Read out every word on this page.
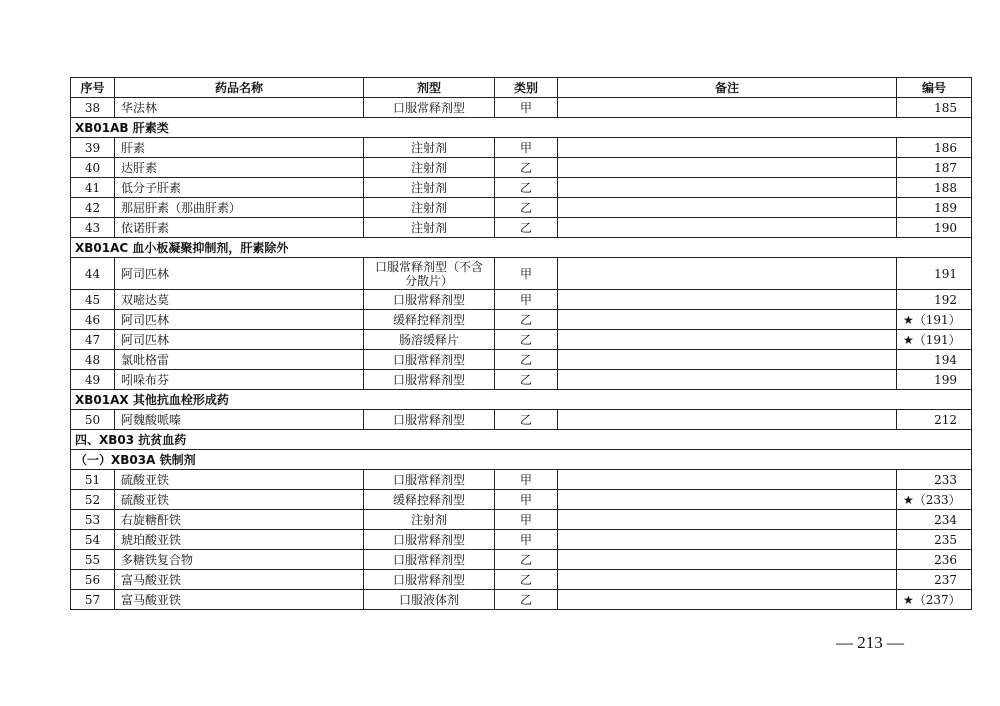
序号	药品名称	剂型	类别	备注	编号
38	华法林	口服常释剂型	甲		185
XB01AB 肝素类					
39	肝素	注射剂	甲		186
40	达肝素	注射剂	乙		187
41	低分子肝素	注射剂	乙		188
42	那屈肝素（那曲肝素）	注射剂	乙		189
43	依诺肝素	注射剂	乙		190
XB01AC 血小板凝聚抑制剂，肝素除外					
44	阿司匹林	口服常释剂型（不含分散片）	甲		191
45	双嘧达莫	口服常释剂型	甲		192
46	阿司匹林	缓释控释剂型	乙		★（191）
47	阿司匹林	肠溶缓释片	乙		★（191）
48	氯吡格雷	口服常释剂型	乙		194
49	吲哚布芬	口服常释剂型	乙		199
XB01AX 其他抗血栓形成药					
50	阿魏酸哌嗪	口服常释剂型	乙		212
四、XB03 抗贫血药					
（一）XB03A 铁制剂					
51	硫酸亚铁	口服常释剂型	甲		233
52	硫酸亚铁	缓释控释剂型	甲		★（233）
53	右旋糖酐铁	注射剂	甲		234
54	琥珀酸亚铁	口服常释剂型	甲		235
55	多糖铁复合物	口服常释剂型	乙		236
56	富马酸亚铁	口服常释剂型	乙		237
57	富马酸亚铁	口服液体剂	乙		★（237）
— 213 —
